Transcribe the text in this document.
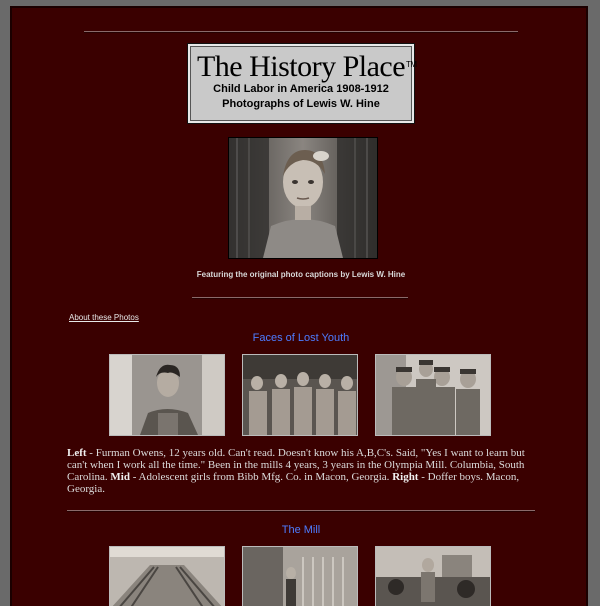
The History Place TM
Child Labor in America 1908-1912
Photographs of Lewis W. Hine
Featuring the original photo captions by Lewis W. Hine
About these Photos
Faces of Lost Youth
Left - Furman Owens, 12 years old. Can't read. Doesn't know his A,B,C's. Said, "Yes I want to learn but can't when I work all the time." Been in the mills 4 years, 3 years in the Olympia Mill. Columbia, South Carolina. Mid - Adolescent girls from Bibb Mfg. Co. in Macon, Georgia. Right - Doffer boys. Macon, Georgia.
The Mill
